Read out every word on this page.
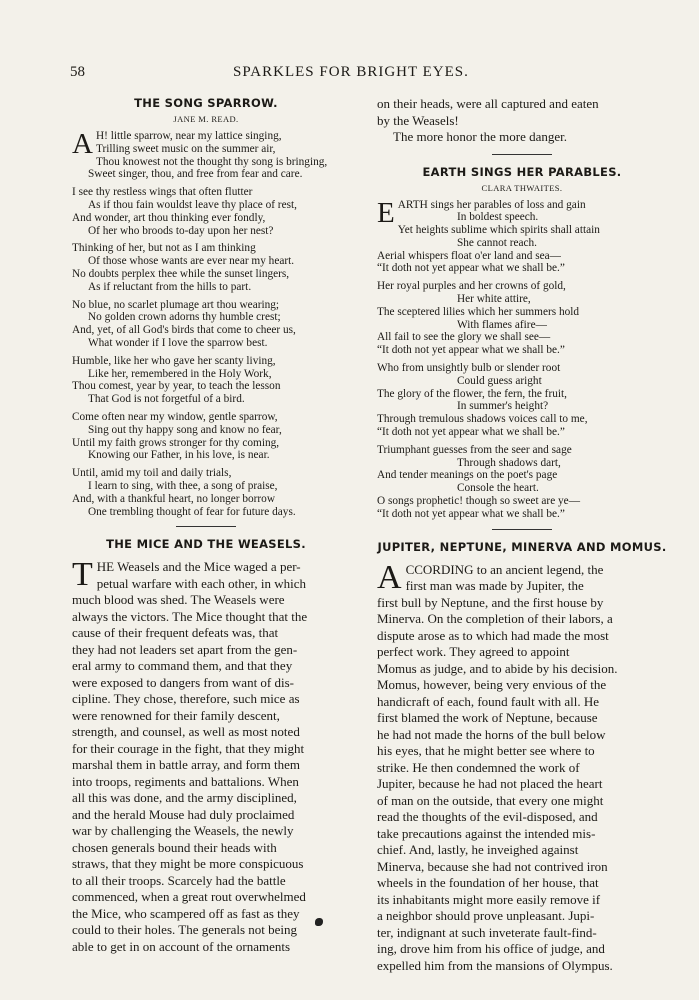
58	SPARKLES FOR BRIGHT EYES.
THE SONG SPARROW.
JANE M. READ.
A H! little sparrow, near my lattice singing,
Trilling sweet music on the summer air,
Thou knowest not the thought thy song is bringing,
Sweet singer, thou, and free from fear and care.
I see thy restless wings that often flutter
As if thou fain wouldst leave thy place of rest,
And wonder, art thou thinking ever fondly,
Of her who broods to-day upon her nest?
Thinking of her, but not as I am thinking
Of those whose wants are ever near my heart.
No doubts perplex thee while the sunset lingers,
As if reluctant from the hills to part.
No blue, no scarlet plumage art thou wearing;
No golden crown adorns thy humble crest;
And, yet, of all God's birds that come to cheer us,
What wonder if I love the sparrow best.
Humble, like her who gave her scanty living,
Like her, remembered in the Holy Work,
Thou comest, year by year, to teach the lesson
That God is not forgetful of a bird.
Come often near my window, gentle sparrow,
Sing out thy happy song and know no fear,
Until my faith grows stronger for thy coming,
Knowing our Father, in his love, is near.
Until, amid my toil and daily trials,
I learn to sing, with thee, a song of praise,
And, with a thankful heart, no longer borrow
One trembling thought of fear for future days.
THE MICE AND THE WEASELS.
THE Weasels and the Mice waged a per-
petual warfare with each other, in which
much blood was shed. The Weasels were
always the victors. The Mice thought that the
cause of their frequent defeats was, that
they had not leaders set apart from the gen-
eral army to command them, and that they
were exposed to dangers from want of dis-
cipline. They chose, therefore, such mice as
were renowned for their family descent,
strength, and counsel, as well as most noted
for their courage in the fight, that they might
marshal them in battle array, and form them
into troops, regiments and battalions. When
all this was done, and the army disciplined,
and the herald Mouse had duly proclaimed
war by challenging the Weasels, the newly
chosen generals bound their heads with
straws, that they might be more conspicuous
to all their troops. Scarcely had the battle
commenced, when a great rout overwhelmed
the Mice, who scampered off as fast as they
could to their holes. The generals not being
able to get in on account of the ornaments
on their heads, were all captured and eaten
by the Weasels!
The more honor the more danger.
EARTH SINGS HER PARABLES.
CLARA THWAITES.
EARTH sings her parables of loss and gain
In boldest speech.
Yet heights sublime which spirits shall attain
She cannot reach.
Aerial whispers float o'er land and sea—
“It doth not yet appear what we shall be.”
Her royal purples and her crowns of gold,
Her white attire,
The sceptered lilies which her summers hold
With flames afire—
All fail to see the glory we shall see—
“It doth not yet appear what we shall be.”
Who from unsightly bulb or slender root
Could guess aright
The glory of the flower, the fern, the fruit,
In summer's height?
Through tremulous shadows voices call to me,
“It doth not yet appear what we shall be.”
Triumphant guesses from the seer and sage
Through shadows dart,
And tender meanings on the poet's page
Console the heart.
O songs prophetic! though so sweet are ye—
“It doth not yet appear what we shall be.”
JUPITER, NEPTUNE, MINERVA AND MOMUS.
ACCORDING to an ancient legend, the
first man was made by Jupiter, the
first bull by Neptune, and the first house by
Minerva. On the completion of their labors, a
dispute arose as to which had made the most
perfect work. They agreed to appoint
Momus as judge, and to abide by his decision.
Momus, however, being very envious of the
handicraft of each, found fault with all. He
first blamed the work of Neptune, because
he had not made the horns of the bull below
his eyes, that he might better see where to
strike. He then condemned the work of
Jupiter, because he had not placed the heart
of man on the outside, that every one might
read the thoughts of the evil-disposed, and
take precautions against the intended mis-
chief. And, lastly, he inveighed against
Minerva, because she had not contrived iron
wheels in the foundation of her house, that
its inhabitants might more easily remove if
a neighbor should prove unpleasant. Jupi-
ter, indignant at such inveterate fault-find-
ing, drove him from his office of judge, and
expelled him from the mansions of Olympus.
